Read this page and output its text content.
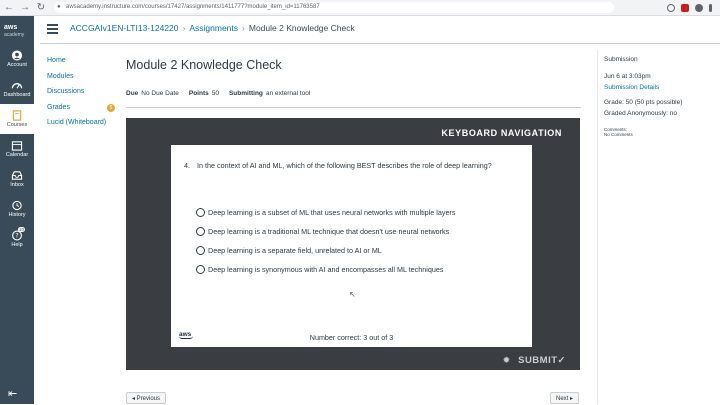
← → ↻	● awsacademy.instructure.com/courses/17427/assignments/1411777?module_item_id=11763587
aws academy
Account
Dashboard
Courses
Calendar
Inbox
History
?
Help
10
⇤
ACCGAIv1EN-LTI13-124220 › Assignments › Module 2 Knowledge Check
Home
Modules
Discussions
Grades	5
Lucid (Whiteboard)
Module 2 Knowledge Check
Due No Due Date Points 50 Submitting an external tool
KEYBOARD NAVIGATION
4. In the context of AI and ML, which of the following BEST describes the role of deep learning?
Deep learning is a subset of ML that uses neural networks with multiple layers
Deep learning is a traditional ML technique that doesn't use neural networks
Deep learning is a separate field, unrelated to AI or ML
Deep learning is synonymous with AI and encompasses all ML techniques
↖
aws	Number correct: 3 out of 3
✹ SUBMIT✓
◂ Previous	Next ▸
Submission
Jun 6 at 3:03pm
Submission Details
Grade: 50 (50 pts possible)
Graded Anonymously: no
Comments:
No Comments
